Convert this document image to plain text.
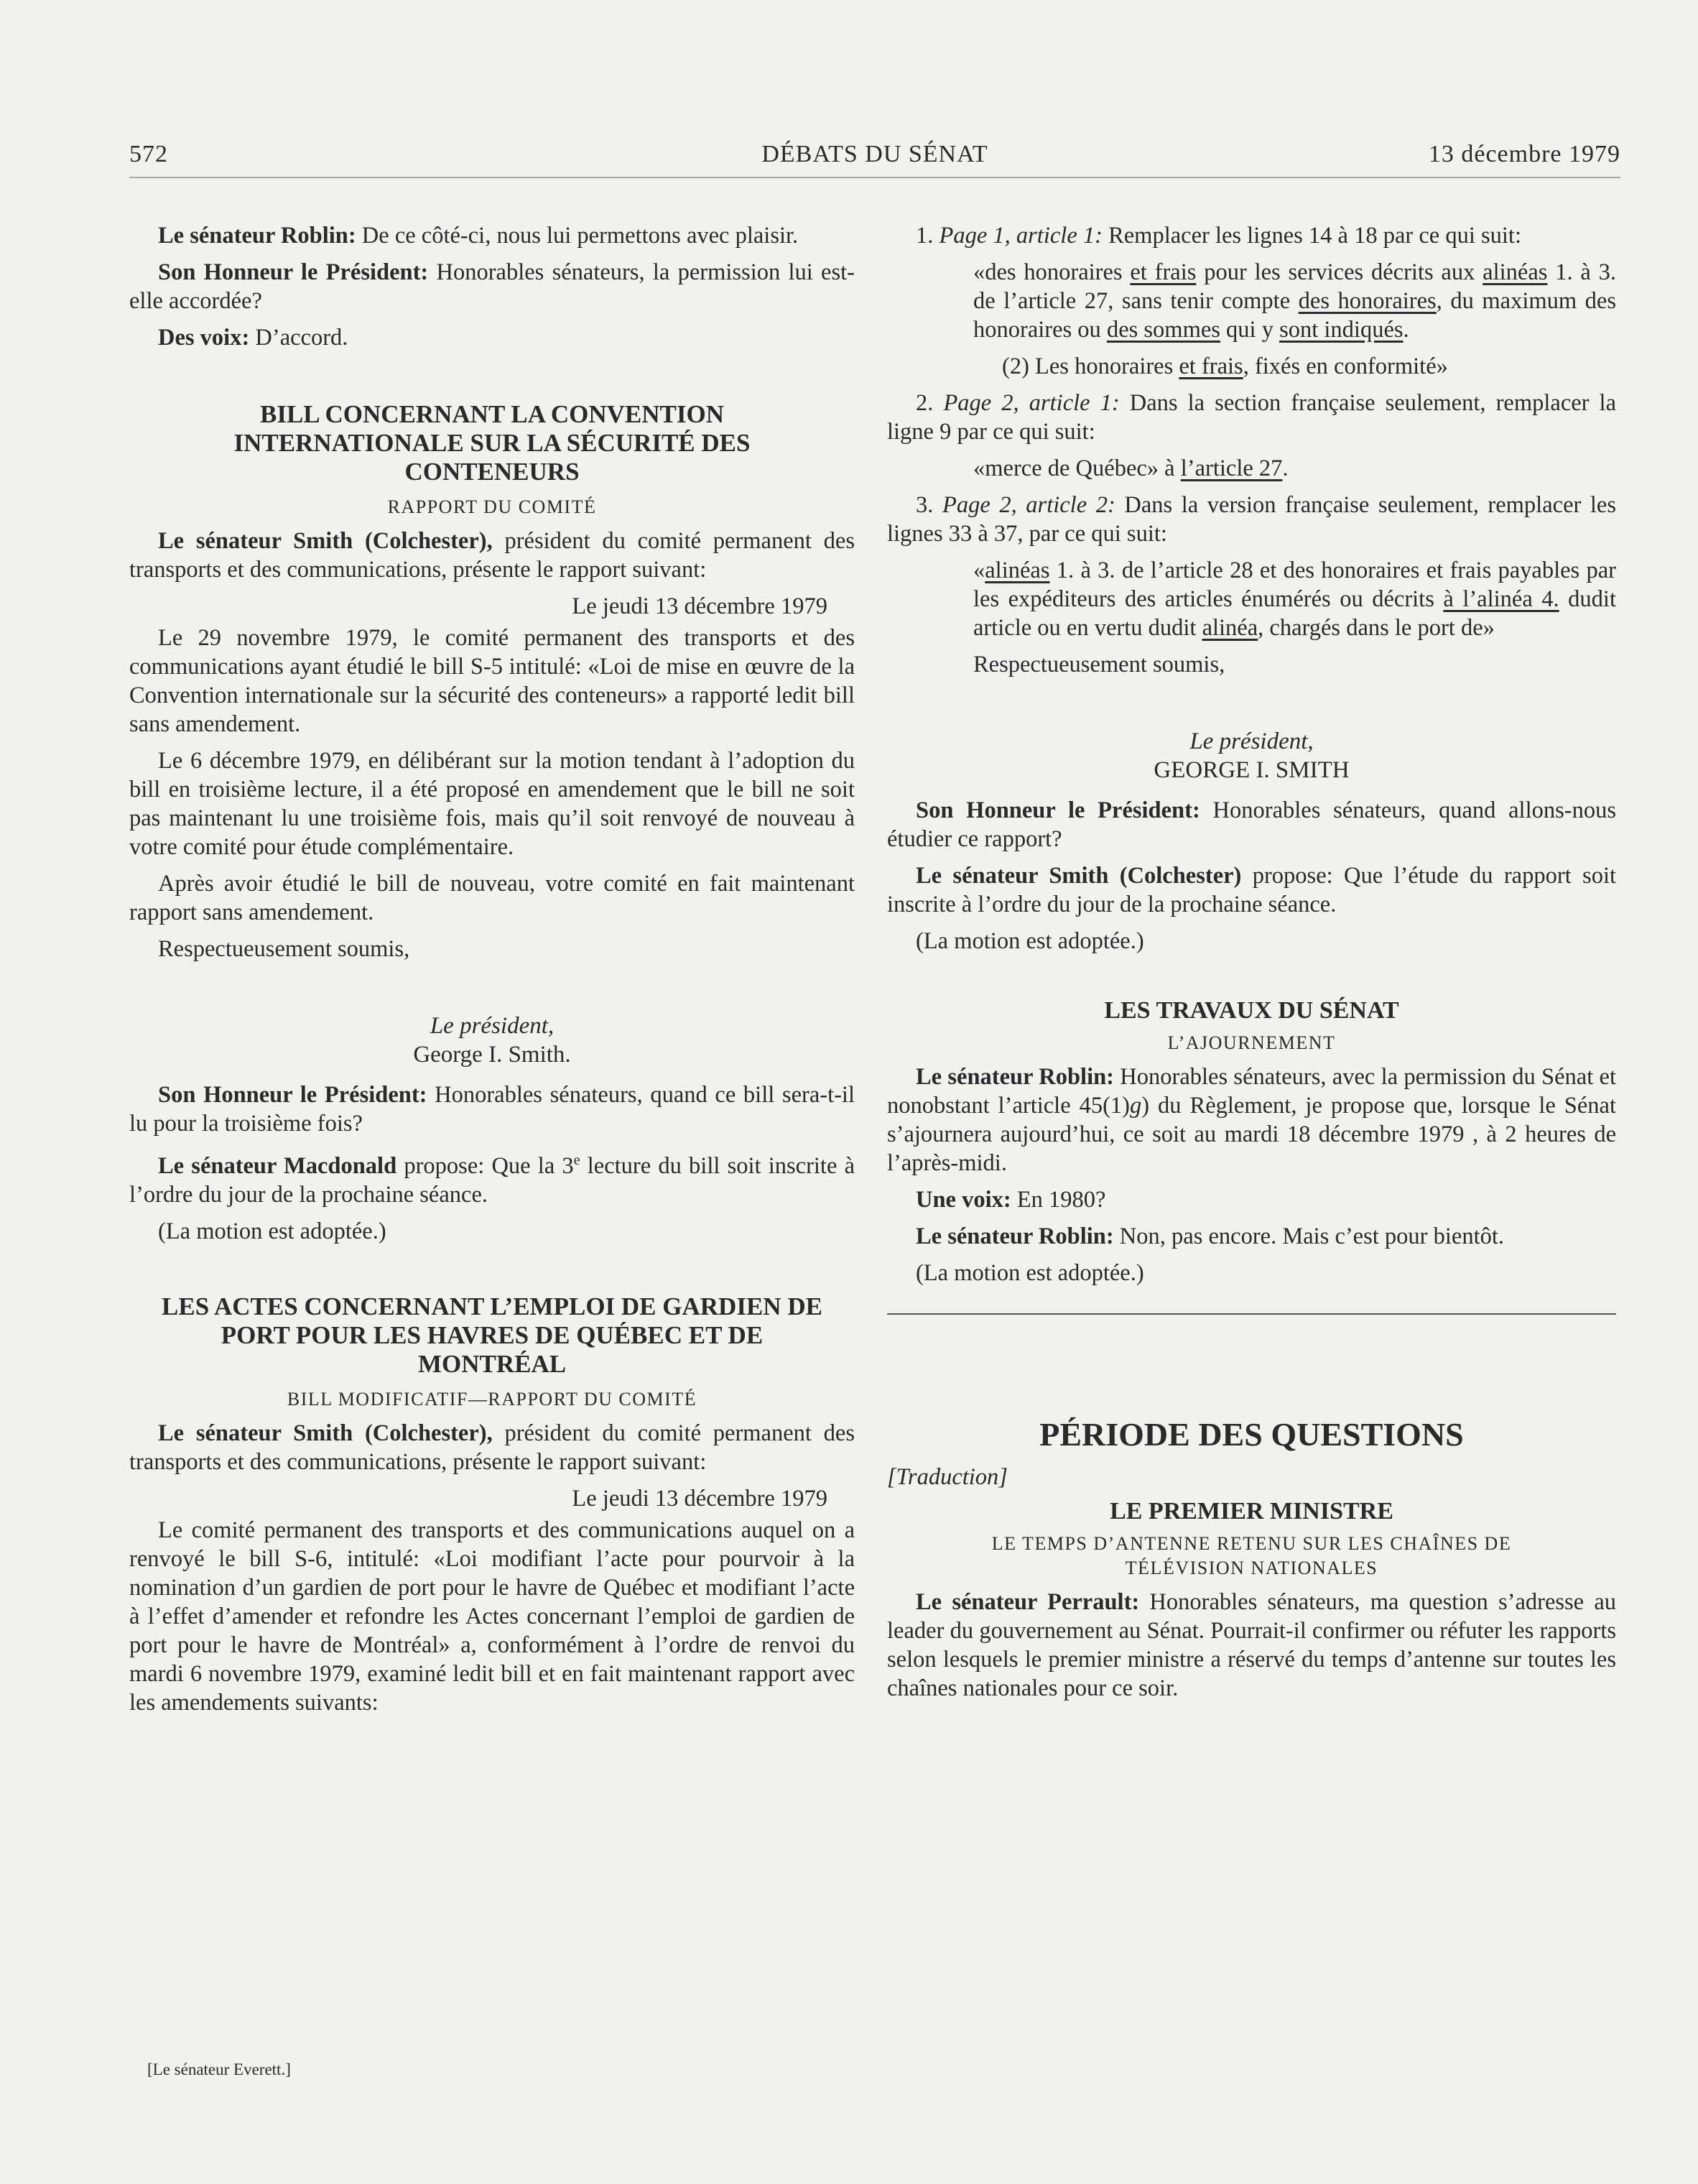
572	DÉBATS DU SÉNAT	13 décembre 1979

Le sénateur Roblin: De ce côté-ci, nous lui permettons avec plaisir.

Son Honneur le Président: Honorables sénateurs, la permission lui est-elle accordée?

Des voix: D’accord.

BILL CONCERNANT LA CONVENTION INTERNATIONALE SUR LA SÉCURITÉ DES CONTENEURS
RAPPORT DU COMITÉ

Le sénateur Smith (Colchester), président du comité permanent des transports et des communications, présente le rapport suivant:

Le jeudi 13 décembre 1979

Le 29 novembre 1979, le comité permanent des transports et des communications ayant étudié le bill S-5 intitulé: «Loi de mise en œuvre de la Convention internationale sur la sécurité des conteneurs» a rapporté ledit bill sans amendement.

Le 6 décembre 1979, en délibérant sur la motion tendant à l’adoption du bill en troisième lecture, il a été proposé en amendement que le bill ne soit pas maintenant lu une troisième fois, mais qu’il soit renvoyé de nouveau à votre comité pour étude complémentaire.

Après avoir étudié le bill de nouveau, votre comité en fait maintenant rapport sans amendement.

Respectueusement soumis,

Le président,
George I. Smith.

Son Honneur le Président: Honorables sénateurs, quand ce bill sera-t-il lu pour la troisième fois?

Le sénateur Macdonald propose: Que la 3e lecture du bill soit inscrite à l’ordre du jour de la prochaine séance.

(La motion est adoptée.)

LES ACTES CONCERNANT L’EMPLOI DE GARDIEN DE PORT POUR LES HAVRES DE QUÉBEC ET DE MONTRÉAL
BILL MODIFICATIF—RAPPORT DU COMITÉ

Le sénateur Smith (Colchester), président du comité permanent des transports et des communications, présente le rapport suivant:

Le jeudi 13 décembre 1979

Le comité permanent des transports et des communications auquel on a renvoyé le bill S-6, intitulé: «Loi modifiant l’acte pour pourvoir à la nomination d’un gardien de port pour le havre de Québec et modifiant l’acte à l’effet d’amender et refondre les Actes concernant l’emploi de gardien de port pour le havre de Montréal» a, conformément à l’ordre de renvoi du mardi 6 novembre 1979, examiné ledit bill et en fait maintenant rapport avec les amendements suivants:

[Le sénateur Everett.]

1. Page 1, article 1: Remplacer les lignes 14 à 18 par ce qui suit:

«des honoraires et frais pour les services décrits aux alinéas 1. à 3. de l’article 27, sans tenir compte des honoraires, du maximum des honoraires ou des sommes qui y sont indiqués.

(2) Les honoraires et frais, fixés en conformité»

2. Page 2, article 1: Dans la section française seulement, remplacer la ligne 9 par ce qui suit:

«merce de Québec» à l’article 27.

3. Page 2, article 2: Dans la version française seulement, remplacer les lignes 33 à 37, par ce qui suit:

«alinéas 1. à 3. de l’article 28 et des honoraires et frais payables par les expéditeurs des articles énumérés ou décrits à l’alinéa 4. dudit article ou en vertu dudit alinéa, chargés dans le port de»

Respectueusement soumis,

Le président,
GEORGE I. SMITH

Son Honneur le Président: Honorables sénateurs, quand allons-nous étudier ce rapport?

Le sénateur Smith (Colchester) propose: Que l’étude du rapport soit inscrite à l’ordre du jour de la prochaine séance.

(La motion est adoptée.)

LES TRAVAUX DU SÉNAT
L’AJOURNEMENT

Le sénateur Roblin: Honorables sénateurs, avec la permission du Sénat et nonobstant l’article 45(1)g) du Règlement, je propose que, lorsque le Sénat s’ajournera aujourd’hui, ce soit au mardi 18 décembre 1979 , à 2 heures de l’après-midi.

Une voix: En 1980?

Le sénateur Roblin: Non, pas encore. Mais c’est pour bientôt.

(La motion est adoptée.)

PÉRIODE DES QUESTIONS
[Traduction]
LE PREMIER MINISTRE
LE TEMPS D’ANTENNE RETENU SUR LES CHAÎNES DE TÉLÉVISION NATIONALES

Le sénateur Perrault: Honorables sénateurs, ma question s’adresse au leader du gouvernement au Sénat. Pourrait-il confirmer ou réfuter les rapports selon lesquels le premier ministre a réservé du temps d’antenne sur toutes les chaînes nationales pour ce soir.
